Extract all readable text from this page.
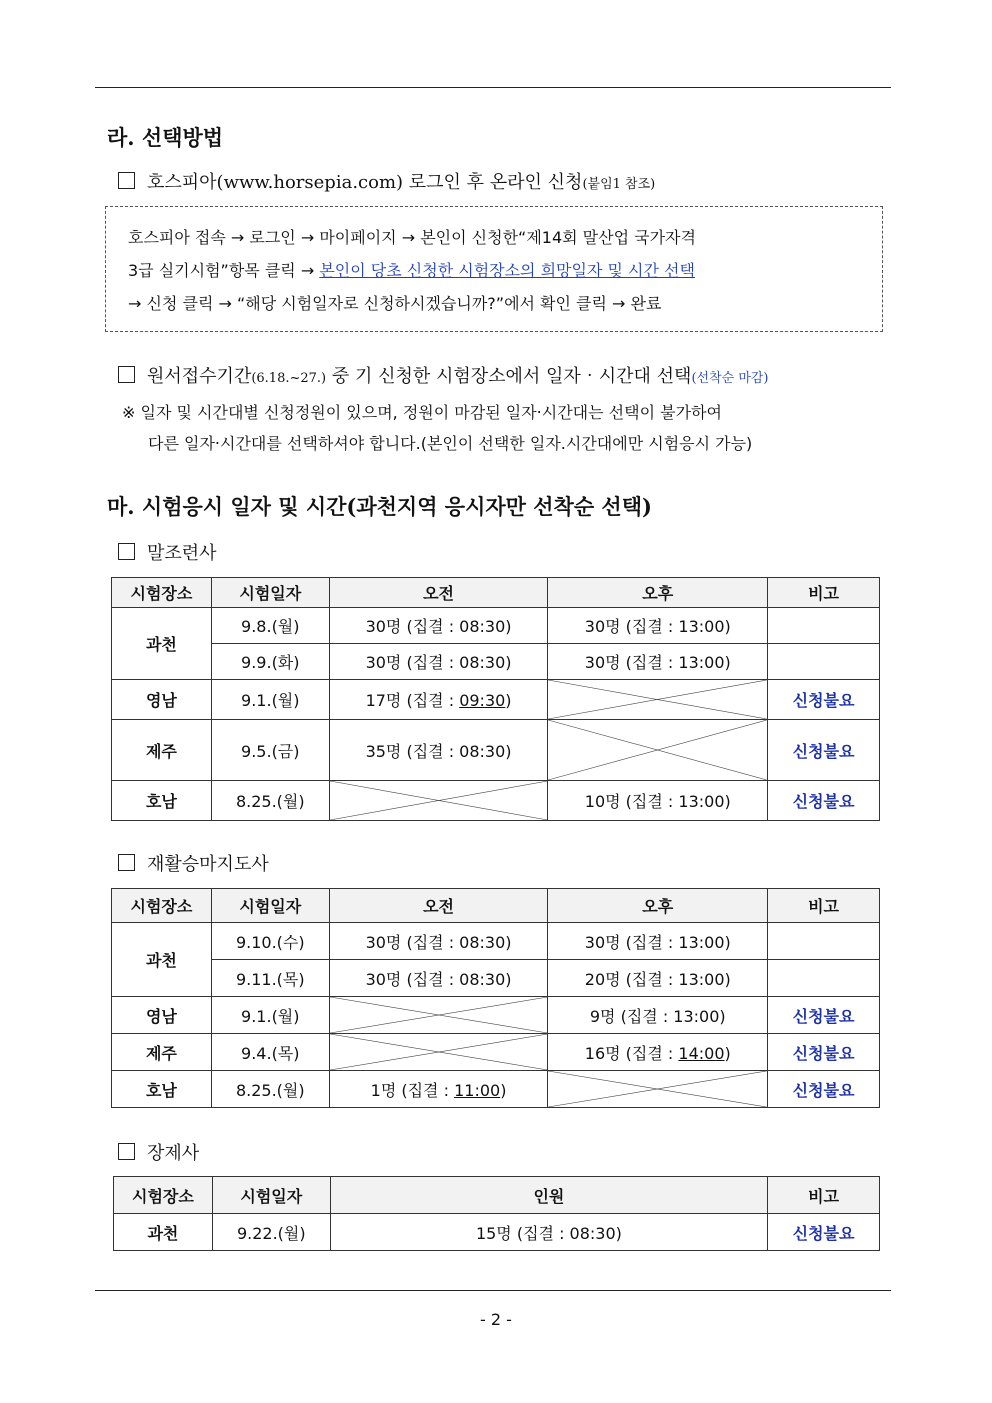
라. 선택방법
호스피아(www.horsepia.com) 로그인 후 온라인 신청(붙임1 참조)
호스피아 접속 → 로그인 → 마이페이지 → 본인이 신청한“제14회 말산업 국가자격
3급 실기시험”항목 클릭 → 본인이 당초 신청한 시험장소의 희망일자 및 시간 선택
→ 신청 클릭 → “해당 시험일자로 신청하시겠습니까?”에서 확인 클릭 → 완료
원서접수기간(6.18.~27.) 중 기 신청한 시험장소에서 일자‧시간대 선택(선착순 마감)
※ 일자 및 시간대별 신청정원이 있으며, 정원이 마감된 일자‧시간대는 선택이 불가하여
다른 일자‧시간대를 선택하셔야 합니다.(본인이 선택한 일자.시간대에만 시험응시 가능)
마. 시험응시 일자 및 시간(과천지역 응시자만 선착순 선택)
말조련사
시험장소	시험일자	오전	오후	비고
과천	9.8.(월)	30명 (집결 : 08:30)	30명 (집결 : 13:00)	
	9.9.(화)	30명 (집결 : 08:30)	30명 (집결 : 13:00)	
영남	9.1.(월)	17명 (집결 : 09:30)		신청불요
제주	9.5.(금)	35명 (집결 : 08:30)		신청불요
호남	8.25.(월)		10명 (집결 : 13:00)	신청불요
재활승마지도사
시험장소	시험일자	오전	오후	비고
과천	9.10.(수)	30명 (집결 : 08:30)	30명 (집결 : 13:00)	
	9.11.(목)	30명 (집결 : 08:30)	20명 (집결 : 13:00)	
영남	9.1.(월)		9명 (집결 : 13:00)	신청불요
제주	9.4.(목)		16명 (집결 : 14:00)	신청불요
호남	8.25.(월)	1명 (집결 : 11:00)		신청불요
장제사
시험장소	시험일자	인원	비고
과천	9.22.(월)	15명 (집결 : 08:30)	신청불요
- 2 -
